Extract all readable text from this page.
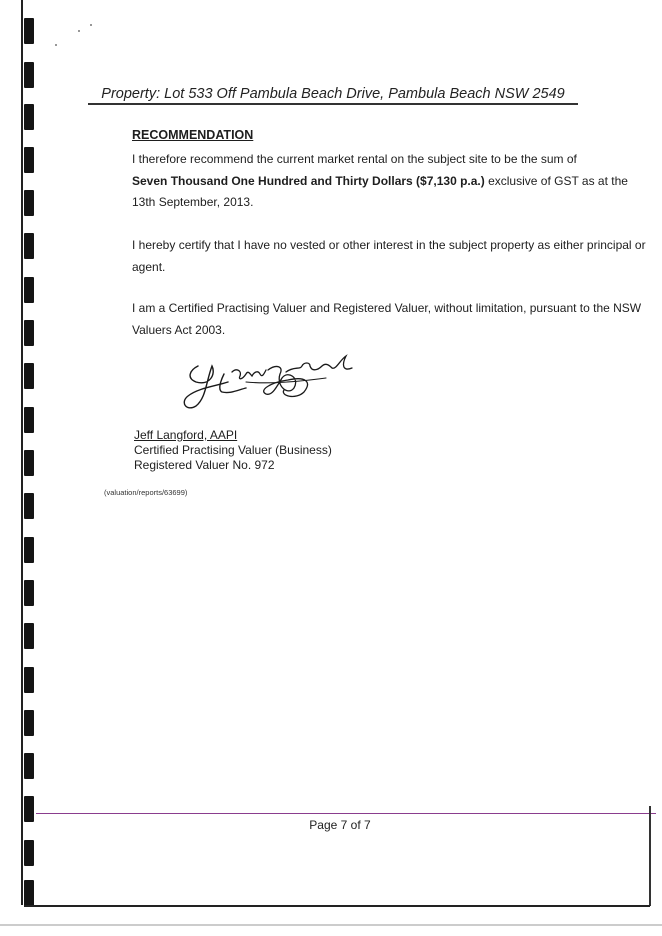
Property: Lot 533 Off Pambula Beach Drive, Pambula Beach NSW 2549
RECOMMENDATION
I therefore recommend the current market rental on the subject site to be the sum of
Seven Thousand One Hundred and Thirty Dollars ($7,130 p.a.) exclusive of GST as at the
13th September, 2013.
I hereby certify that I have no vested or other interest in the subject property as either principal or
agent.
I am a Certified Practising Valuer and Registered Valuer, without limitation, pursuant to the NSW
Valuers Act 2003.
Jeff Langford, AAPI
Certified Practising Valuer (Business)
Registered Valuer No. 972
(valuation/reports/63699)
Page 7 of 7
